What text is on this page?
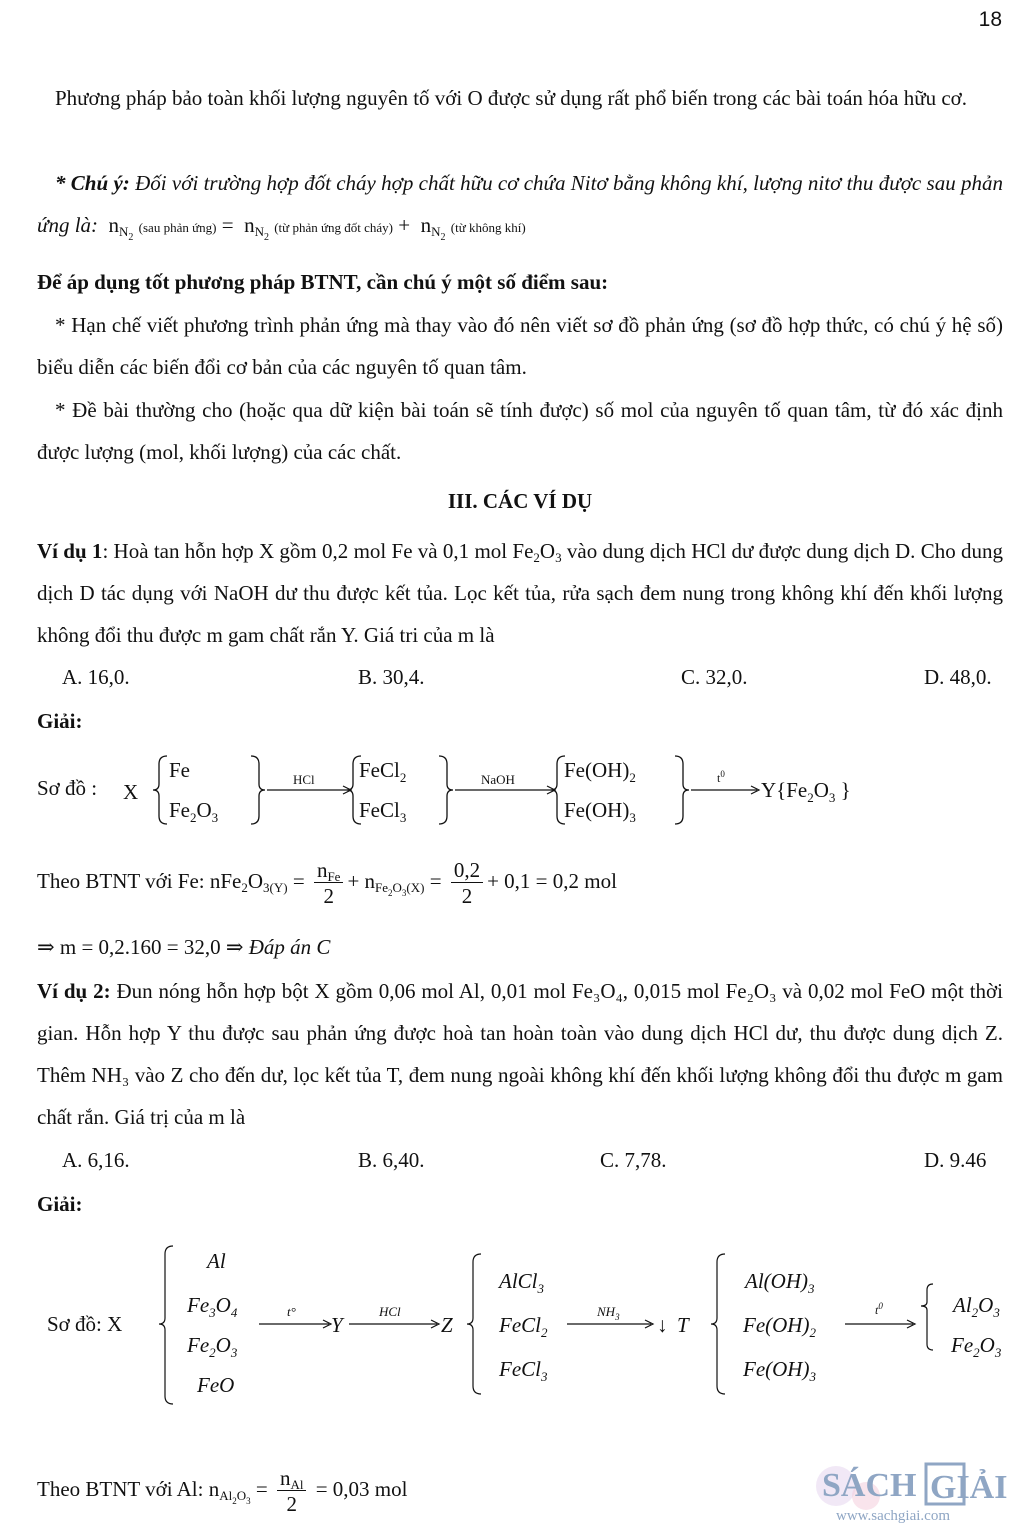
18

Phương pháp bảo toàn khối lượng nguyên tố với O được sử dụng rất phổ biến trong các bài toán hóa hữu cơ.

* Chú ý: Đối với trường hợp đốt cháy hợp chất hữu cơ chứa Nitơ bằng không khí, lượng nitơ thu được sau phản ứng là: $n_{N_2}$ (sau phản ứng) =  $n_{N_2}$ (từ phản ứng đốt cháy) +  $n_{N_2}$ (từ không khí)

Để áp dụng tốt phương pháp BTNT, cần chú ý một số điểm sau:

* Hạn chế viết phương trình phản ứng mà thay vào đó nên viết sơ đồ phản ứng (sơ đồ hợp thức, có chú ý hệ số) biểu diễn các biến đổi cơ bản của các nguyên tố quan tâm.

* Đề bài thường cho (hoặc qua dữ kiện bài toán sẽ tính được) số mol của nguyên tố quan tâm, từ đó xác định được lượng (mol, khối lượng) của các chất.

III. CÁC VÍ DỤ

Ví dụ 1: Hoà tan hỗn hợp X gồm 0,2 mol Fe và 0,1 mol $Fe_2O_3$ vào dung dịch HCl dư được dung dịch D. Cho dung dịch D tác dụng với NaOH dư thu được kết tủa. Lọc kết tủa, rửa sạch đem nung trong không khí đến khối lượng không đổi thu được m gam chất rắn Y. Giá tri của m là

A. 16,0.	B. 30,4.	C. 32,0.	D. 48,0.

Giải:

Sơ đồ : X
Fe
$Fe_2O_3$
HCl FeCl$_2$
FeCl$_3$
NaOH $Fe(OH)_2$
$Fe(OH)_3$
$t^0$
$Y\{Fe_2O_3$ }

Theo BTNT với Fe: $nFe_2O_{3(Y)} = \frac{n_{Fe}}{2} + n_{Fe_2O_3(X)} = \frac{0,2}{2} + 0,1 = 0,2$ mol

⇒ m = 0,2.160 = 32,0 ⇒ Đáp án C

Ví dụ 2: Đun nóng hỗn hợp bột X gồm 0,06 mol Al, 0,01 mol Fe₃O₄, 0,015 mol Fe₂O₃ và 0,02 mol FeO một thời gian. Hỗn hợp Y thu được sau phản ứng được hoà tan hoàn toàn vào dung dịch HCl dư, thu được dung dịch Z. Thêm NH₃ vào Z cho đến dư, lọc kết tủa T, đem nung ngoài không khí đến khối lượng không đổi thu được m gam chất rắn. Giá trị của m là

A. 6,16.	B. 6,40.	C. 7,78.	D. 9.46

Giải:

Sơ đồ: X
Al
$Fe_3O_4$
$Fe_2O_3$
FeO
t°
Y
HCl
Z
AlCl$_3$
FeCl$_2$
FeCl$_3$
$NH_3$ ↓ T
$Al(OH)_3$
$Fe(OH)_2$
$Fe(OH)_3$
$t^0$	$Al_2O_3$
$Fe_2O_3$

Theo BTNT với Al: $n_{Al_2O_3} = \frac{n_{Al}}{2} = 0,03$ mol	SÁCH GIẢI
www.sachgiai.com
